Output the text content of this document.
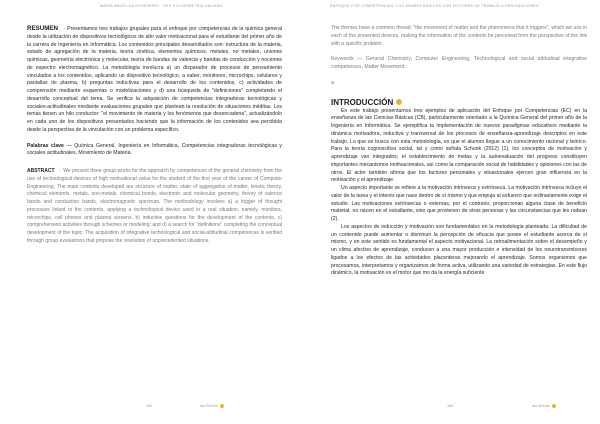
MARÍA ANGÉLICA ECHEVERRI · IRIS COLORIMETRÍA GALVIÁN	ENFOQUE POR COMPETENCIAS: LOS ÁRABES BÁSICOS CON FICTORES DE TRABAJO A DESIGNACIONES

RESUMEN · Presentamos tres trabajos grupales para el enfoque por competencias de la química general desde la utilización de dispositivos tecnológicos de alto valor motivacional para el estudiante del primer año de la carrera de Ingeniería en Informática. Los contenidos principales desarrollados son: estructura de la materia, estado de agregación de la materia, teoría cinética, elementos químicos, metales, no metales, uniones químicas, geometría electrónica y molecular, teoría de bandas de valencia y bandas de conducción y nociones de espectro electromagnético. La metodología involucra a) un disparador de procesos de pensamiento vinculados a los contenidos, aplicando un dispositivo tecnológico, a saber, monitores, microchips, celulares y pantallas de plasma, b) preguntas inductivas para el desarrollo de los contenidos, c) actividades de comprensión mediante esquemas o modelizaciones y d) una búsqueda de "definiciones" completando el desarrollo conceptual del tema. Se verifica la adquisición de competencias integradoras tecnológicas y sociales-actitudinales mediante evaluaciones grupales que plantean la resolución de situaciones inéditas. Los temas tienen un hilo conductor: "el movimiento de materia y los fenómenos que desencadena", actualizándolo en cada uno de los dispositivos presentados haciendo que la información de los contenidos sea percibida desde la perspectiva de la vinculación con un problema específico.

Palabras clave — Química General, Ingeniería en Informática, Competencias integradoras tecnológicas y sociales actitudinales, Movimiento de Materia.

ABSTRACT · We present three group works for the approach by competences of the general chemistry from the use of technological devices of high motivational value for the student of the first year of the career of Computer Engineering. The main contents developed are structure of matter, state of aggregation of matter, kinetic theory, chemical elements, metals, non-metals, chemical bonds, electronic and molecular geometry, theory of valence bands and conduction bands, electromagnetic spectrum. The methodology involves a) a trigger of thought processes linked to the contents, applying a technological device used in a real situation, namely, monitors, microchips, cell phones and plasma screens, b) inductive questions for the development of the contents, c) comprehension activities through schemes or modeling; and d) a search for "definitions" completing the conceptual development of the topic. The acquisition of integrative technological and social-attitudinal competences is verified through group evaluations that propose the resolution of unprecedented situations.

The themes have a common thread: "the movement of matter and the phenomena that it triggers", which we use in each of the presented devices, making the information of the contents be perceived from the perspective of the link with a specific problem.

Keywords — General Chemistry, Computer Engineering, Technological and social attitudinal integrative competences, Matter Movement.

■
INTRODUCCIÓN

En este trabajo presentamos tres ejemplos de aplicación del Enfoque por Competencias (EC) en la enseñanza de las Ciencias Básicas (CB), particularmente orientado a la Química General del primer año de la Ingeniería en Informática. Se ejemplifica la implementación de nuevos paradigmas educativos mediante la dinámica motivadora, inductiva y transversal de los procesos de enseñanza-aprendizaje descriptos en este trabajo. Lo que se busca con esta metodología, es que el alumno llegue a un conocimiento racional y teórico. Para la teoría cognoscitiva social, tal y como señala Schunk (2012) (1), los conceptos de motivación y aprendizaje van integrados; el establecimiento de metas y la autoevaluación del progreso constituyen importantes mecanismos motivacionales, así como la comparación social de habilidades y opiniones con las de otros. El actor también afirma que los factores personales y situacionales ejercen gran influencia en la motivación y el aprendizaje.

Un aspecto importante se refiere a la motivación intrínseca y extrínseca. La motivación intrínseca incluye el valor de la tarea y el interés que nace dentro de sí mismo y que empuja al esfuerzo que ordinariamente exige el estudio. Las motivaciones extrínsecas o externas, por el contrario, proporcionan alguna clase de beneficio material, no nacen en el estudiante, sino que provienen de otras personas y las circunstancias que les rodean (2).

Los aspectos de inducción y motivación son fundamentales en la metodología planteada. La dificultad de un contenido puede aumentar o disminuir la percepción de eficacia que posee el estudiante acerca de sí mismo, y en este sentido es fundamental el aspecto motivacional. La retroalimentación sobre el desempeño y un clima afectivo de aprendizaje, conducen a una mayor producción e intensidad de los neurotransmisores ligados a los efectos de las actividades placenteras mejorando el aprendizaje. Somos organismos que procesamos, interpretamos y organizamos de forma activa, utilizando una variedad de estrategias. En este flujo dinámico, la motivación es el motor que mo da la energía suficiente

182	ducTeXtos	183	ducTeXtos
